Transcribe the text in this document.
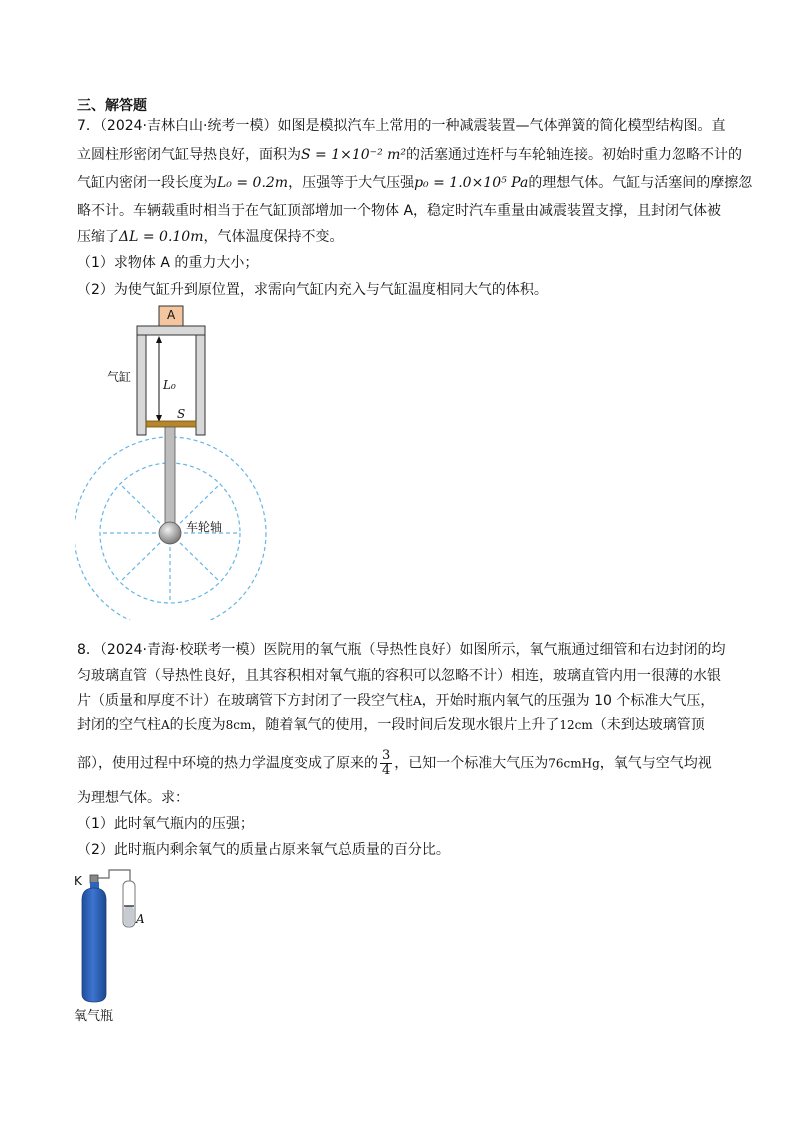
三、解答题
7．（2024·吉林白山·统考一模）如图是模拟汽车上常用的一种减震装置—气体弹簧的简化模型结构图。直
立圆柱形密闭气缸导热良好，面积为S = 1×10⁻² m²的活塞通过连杆与车轮轴连接。初始时重力忽略不计的
气缸内密闭一段长度为L₀ = 0.2m，压强等于大气压强p₀ = 1.0×10⁵ Pa的理想气体。气缸与活塞间的摩擦忽
略不计。车辆载重时相当于在气缸顶部增加一个物体 A，稳定时汽车重量由减震装置支撑，且封闭气体被
压缩了ΔL = 0.10m，气体温度保持不变。
（1）求物体 A 的重力大小；
（2）为使气缸升到原位置，求需向气缸内充入与气缸温度相同大气的体积。
A
气缸
L₀
S
车轮轴
8．（2024·青海·校联考一模）医院用的氧气瓶（导热性良好）如图所示，氧气瓶通过细管和右边封闭的均
匀玻璃直管（导热性良好，且其容积相对氧气瓶的容积可以忽略不计）相连，玻璃直管内用一很薄的水银
片（质量和厚度不计）在玻璃管下方封闭了一段空气柱A，开始时瓶内氧气的压强为 10 个标准大气压，
封闭的空气柱A的长度为8cm，随着氧气的使用，一段时间后发现水银片上升了12cm（未到达玻璃管顶
部），使用过程中环境的热力学温度变成了原来的 $\frac{3}{4}$ ，已知一个标准大气压为76cmHg，氧气与空气均视
为理想气体。求：
（1）此时氧气瓶内的压强；
（2）此时瓶内剩余氧气的质量占原来氧气总质量的百分比。
K
A
氧气瓶
